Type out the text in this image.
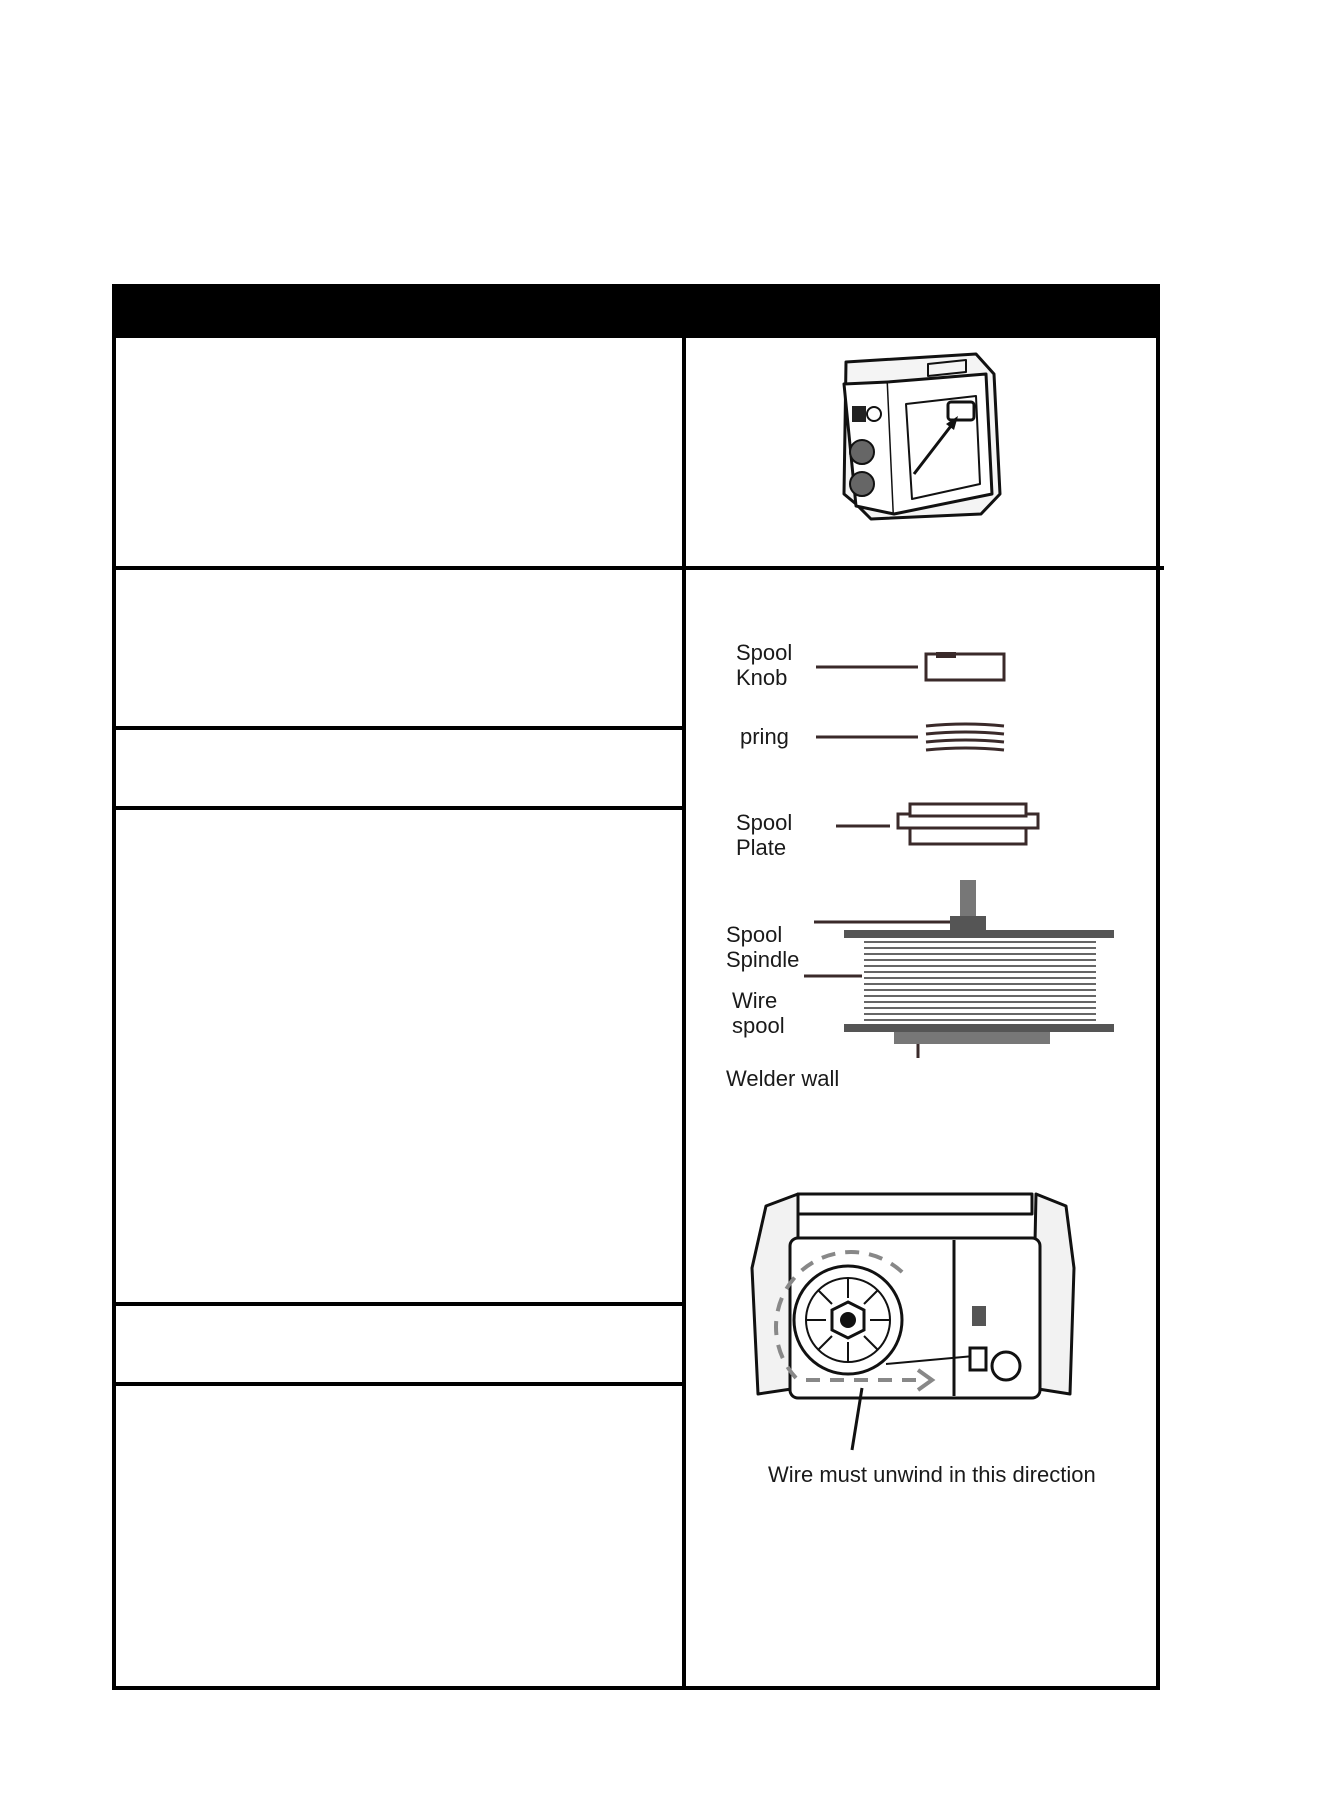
Spool
Knob
pring
Spool
Plate
Spool
Spindle
Wire
spool
Welder wall
Wire must unwind in this direction
